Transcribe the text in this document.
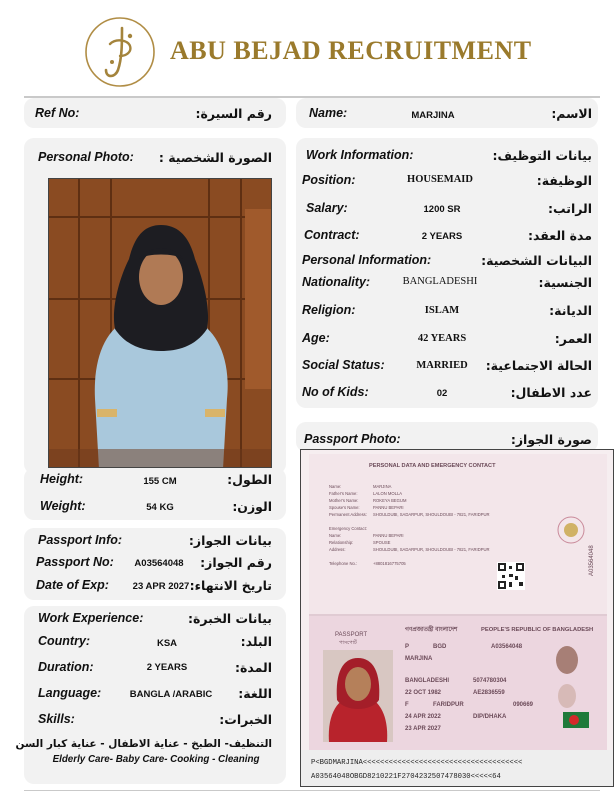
ABU BEJAD RECRUITMENT
Ref No:	رقم السيرة:	Name:	MARJINA	الاسم:
Personal Photo: الصورة الشخصية :	Work Information:	بيانات التوظيف:
Position:	HOUSEMAID	الوظيفة:
Salary:	1200 SR	الراتب:
Contract:	2 YEARS	مدة العقد:
Personal Information:	البيانات الشخصية:
Nationality:	BANGLADESHI	الجنسية:
Religion:	ISLAM	الديانة:
Age:	42 YEARS	العمر:
Social Status:	MARRIED	الحالة الاجتماعية:
No of Kids:	02	عدد الاطفال:
Height:	155 CM	الطول:
Weight:	54 KG	الوزن:
Passport Info:	بيانات الجواز:
Passport No:	A03564048	رقم الجواز:
Date of Exp:	23 APR 2027 تاريخ الانتهاء:
Work Experience:	بيانات الخبرة:
Country:	KSA	البلد:
Duration:	2 YEARS	المدة:
Language:	BANGLA /ARABIC	اللغة:
Skills:	الخبرات:
التنظيف- الطبخ - عناية الاطفال - عناية كبار السن
Elderly Care- Baby Care- Cooking - Cleaning
Passport Photo:	صورة الجواز:
PERSONAL DATA AND EMERGENCY CONTACT
Name:	MARJINA
Father's Name:	LALON MOLLA
Mother's Name:	ROKEYA BEGUM
Spouse's Name:	PANNU BEPARI
Permanent Address: SHOULDUBI, SADARPUR, SHOULDOUBI - 7821, FARIDPUR
Emergency Contact:
Name:	PANNU BEPARI
Relationship:	SPOUSE
Address:	SHOULDUBI, SADARPUR, SHOULDOUBI - 7821, FARIDPUR
Telephone No.:	+8801816775705	A03564048
PASSPORT
পাসপোর্ট
গণপ্রজাতন্ত্রী বাংলাদেশ	PEOPLE'S REPUBLIC OF BANGLADESH
P	BGD	A03564048
MARJINA
BANGLADESHI	5074780304
22 OCT 1982	AE2836559
F	FARIDPUR	090669
24 APR 2022	DIP/DHAKA
23 APR 2027
P<BGDMARJINA<<<<<<<<<<<<<<<<<<<<<<<<<<<<<<<<<<<<<
A03564048OBGD8210221F2704232507478030<<<<<64
